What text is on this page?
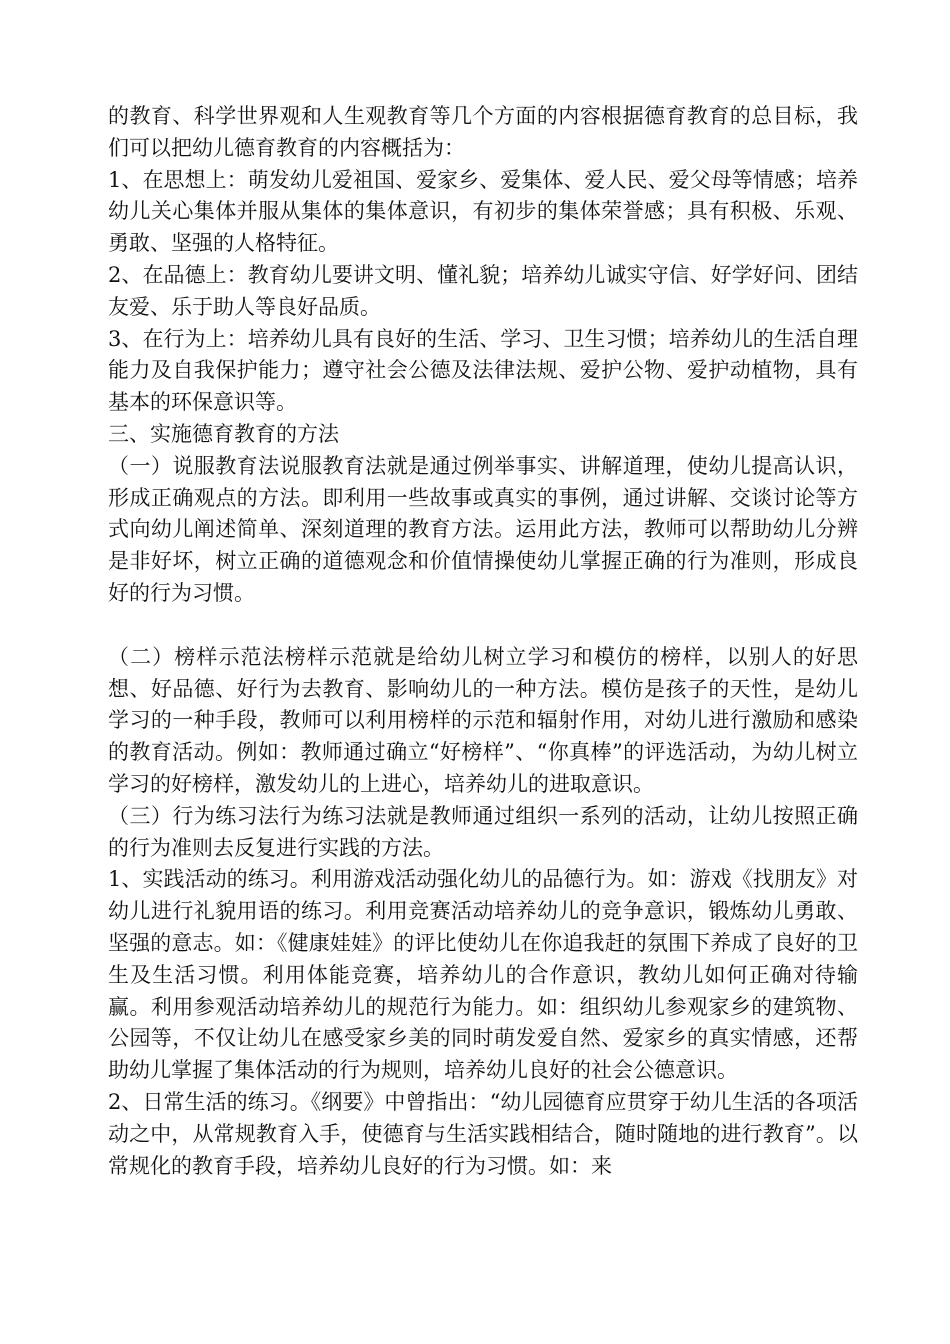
的教育、科学世界观和人生观教育等几个方面的内容根据德育教育的总目标，我们可以把幼儿德育教育的内容概括为：

1、在思想上：萌发幼儿爱祖国、爱家乡、爱集体、爱人民、爱父母等情感；培养幼儿关心集体并服从集体的集体意识，有初步的集体荣誉感；具有积极、乐观、勇敢、坚强的人格特征。

2、在品德上：教育幼儿要讲文明、懂礼貌；培养幼儿诚实守信、好学好问、团结友爱、乐于助人等良好品质。

3、在行为上：培养幼儿具有良好的生活、学习、卫生习惯；培养幼儿的生活自理能力及自我保护能力；遵守社会公德及法律法规、爱护公物、爱护动植物，具有基本的环保意识等。

三、实施德育教育的方法

（一）说服教育法说服教育法就是通过例举事实、讲解道理，使幼儿提高认识，形成正确观点的方法。即利用一些故事或真实的事例，通过讲解、交谈讨论等方式向幼儿阐述简单、深刻道理的教育方法。运用此方法，教师可以帮助幼儿分辨是非好坏，树立正确的道德观念和价值情操使幼儿掌握正确的行为准则，形成良好的行为习惯。

（二）榜样示范法榜样示范就是给幼儿树立学习和模仿的榜样，以别人的好思想、好品德、好行为去教育、影响幼儿的一种方法。模仿是孩子的天性，是幼儿学习的一种手段，教师可以利用榜样的示范和辐射作用，对幼儿进行激励和感染的教育活动。例如：教师通过确立“好榜样”、“你真棒”的评选活动，为幼儿树立学习的好榜样，激发幼儿的上进心，培养幼儿的进取意识。

（三）行为练习法行为练习法就是教师通过组织一系列的活动，让幼儿按照正确的行为准则去反复进行实践的方法。

1、实践活动的练习。利用游戏活动强化幼儿的品德行为。如：游戏《找朋友》对幼儿进行礼貌用语的练习。利用竞赛活动培养幼儿的竞争意识，锻炼幼儿勇敢、坚强的意志。如：《健康娃娃》的评比使幼儿在你追我赶的氛围下养成了良好的卫生及生活习惯。利用体能竞赛，培养幼儿的合作意识，教幼儿如何正确对待输赢。利用参观活动培养幼儿的规范行为能力。如：组织幼儿参观家乡的建筑物、公园等，不仅让幼儿在感受家乡美的同时萌发爱自然、爱家乡的真实情感，还帮助幼儿掌握了集体活动的行为规则，培养幼儿良好的社会公德意识。

2、日常生活的练习。《纲要》中曾指出：“幼儿园德育应贯穿于幼儿生活的各项活动之中，从常规教育入手，使德育与生活实践相结合，随时随地的进行教育”。以常规化的教育手段，培养幼儿良好的行为习惯。如：来
